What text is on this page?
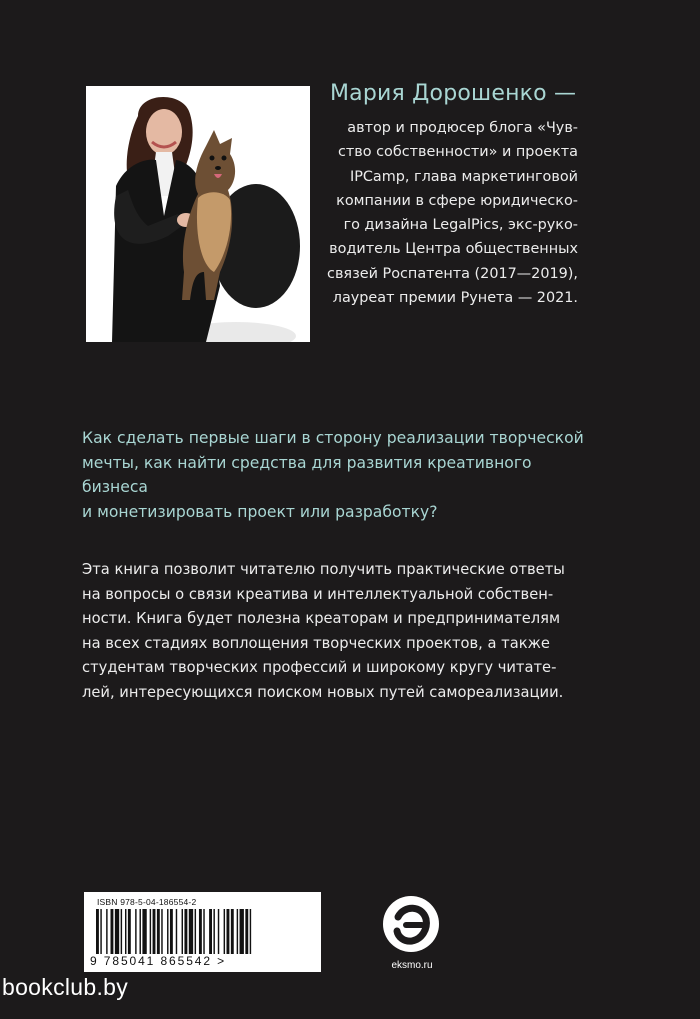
Мария Дорошенко —
автор и продюсер блога «Чув-
ство собственности» и проекта
IPCamp, глава маркетинговой
компании в сфере юридическо-
го дизайна LegalPics, экс-руко-
водитель Центра общественных
связей Роспатента (2017—2019),
лауреат премии Рунета — 2021.
Как сделать первые шаги в сторону реализации творческой
мечты, как найти средства для развития креативного бизнеса
и монетизировать проект или разработку?
Эта книга позволит читателю получить практические ответы
на вопросы о связи креатива и интеллектуальной собствен-
ности. Книга будет полезна креаторам и предпринимателям
на всех стадиях воплощения творческих проектов, а также
студентам творческих профессий и широкому кругу читате-
лей, интересующихся поиском новых путей самореализации.
ISBN 978-5-04-186554-2
9 785041 865542 >	eksmo.ru
bookclub.by
